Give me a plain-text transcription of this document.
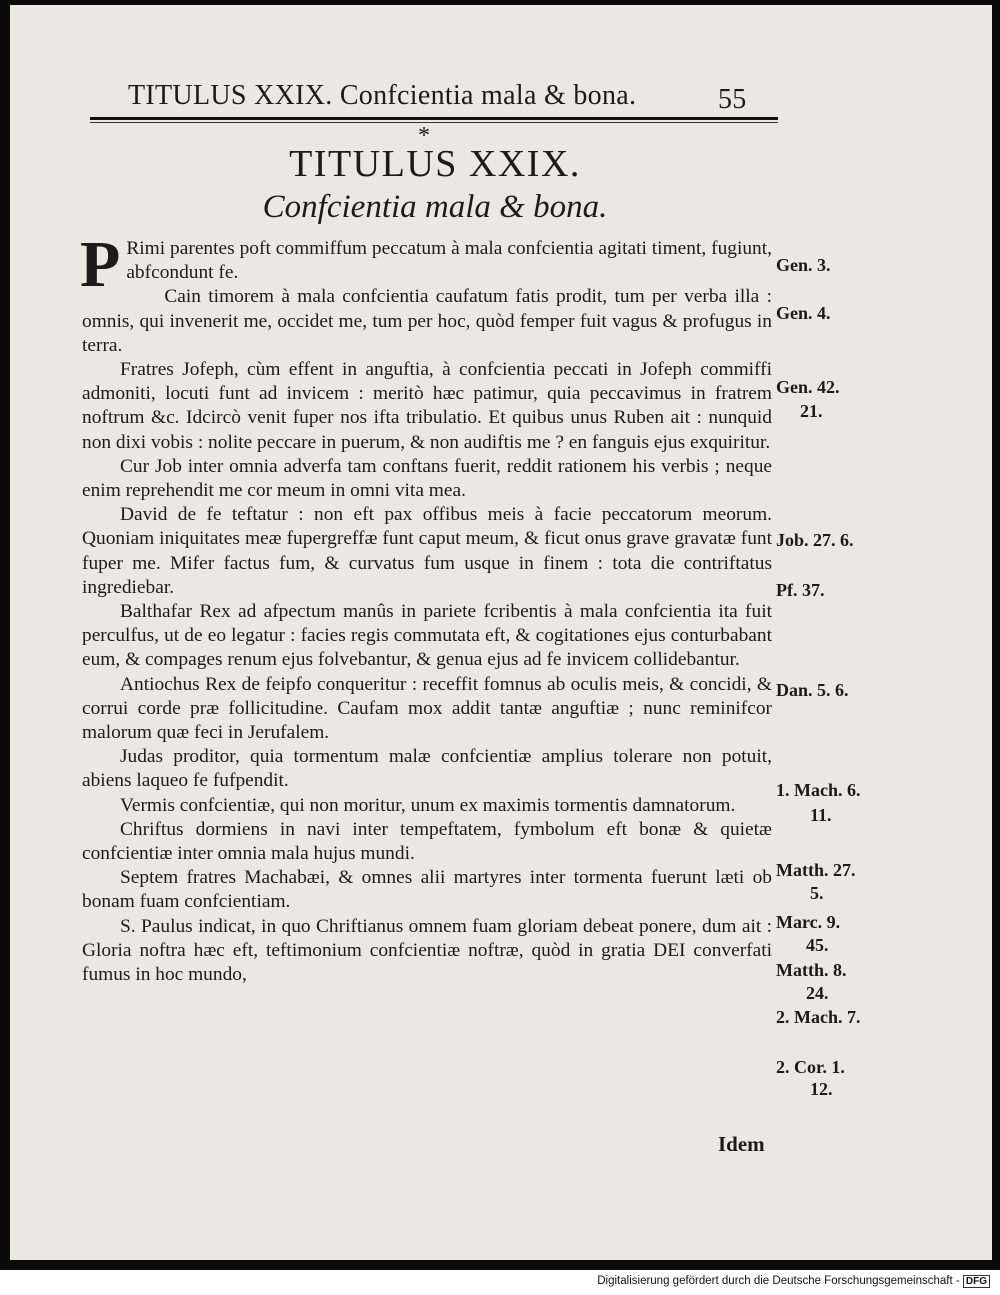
TITULUS XXIX. Confcientia mala & bona.	55
*
TITULUS XXIX.
Confcientia mala & bona.

P Rimi parentes poft commiffum peccatum à mala confcientia agitati timent, fugiunt, abfcondunt fe.

Cain timorem à mala confcientia caufatum fatis prodit, tum per verba illa : omnis, qui invenerit me, occidet me, tum per hoc, quòd femper fuit vagus & profugus in terra.

Fratres Jofeph, cùm effent in anguftia, à confcientia peccati in Jofeph commiffi admoniti, locuti funt ad invicem : meritò hæc patimur, quia peccavimus in fratrem noftrum &c. Idcircò venit fuper nos ifta tribulatio. Et quibus unus Ruben ait : nunquid non dixi vobis : nolite peccare in puerum, & non audiftis me ? en fanguis ejus exquiritur.

Cur Job inter omnia adverfa tam conftans fuerit, reddit rationem his verbis ; neque enim reprehendit me cor meum in omni vita mea.

David de fe teftatur : non eft pax offibus meis à facie peccatorum meorum. Quoniam iniquitates meæ fupergreffæ funt caput meum, & ficut onus grave gravatæ funt fuper me. Mifer factus fum, & curvatus fum usque in finem : tota die contriftatus ingrediebar.

Balthafar Rex ad afpectum manûs in pariete fcribentis à mala confcientia ita fuit perculfus, ut de eo legatur : facies regis commutata eft, & cogitationes ejus conturbabant eum, & compages renum ejus folvebantur, & genua ejus ad fe invicem collidebantur.

Antiochus Rex de feipfo conqueritur : receffit fomnus ab oculis meis, & concidi, & corrui corde præ follicitudine. Caufam mox addit tantæ anguftiæ ; nunc reminifcor malorum quæ feci in Jerufalem.

Judas proditor, quia tormentum malæ confcientiæ amplius tolerare non potuit, abiens laqueo fe fufpendit.

Vermis confcientiæ, qui non moritur, unum ex maximis tormentis damnatorum.

Chriftus dormiens in navi inter tempeftatem, fymbolum eft bonæ & quietæ confcientiæ inter omnia mala hujus mundi.

Septem fratres Machabæi, & omnes alii martyres inter tormenta fuerunt læti ob bonam fuam confcientiam.

S. Paulus indicat, in quo Chriftianus omnem fuam gloriam debeat ponere, dum ait : Gloria noftra hæc eft, teftimonium confcientiæ noftræ, quòd in gratia DEI converfati fumus in hoc mundo,

Gen. 3.
Gen. 4.
Gen. 42.
21.
Job. 27. 6.
Pf. 37.
Dan. 5. 6.
1. Mach. 6.
11.
Matth. 27.
5.
Marc. 9.
45.
Matth. 8.
24.
2. Mach. 7.
2. Cor. 1.
12.
Idem
Digitalisierung gefördert durch die Deutsche Forschungsgemeinschaft - DFG
